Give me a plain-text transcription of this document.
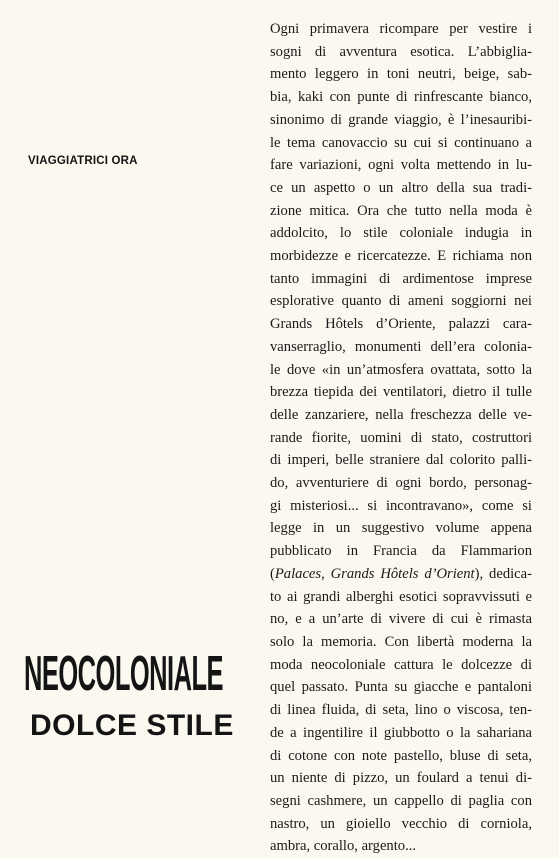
VIAGGIATRICI ORA

Ogni primavera ricompare per vestire i
sogni di avventura esotica. L’abbiglia-
mento leggero in toni neutri, beige, sab-
bia, kaki con punte di rinfrescante bianco,
sinonimo di grande viaggio, è l’inesauribi-
le tema canovaccio su cui si continuano a
fare variazioni, ogni volta mettendo in lu-
ce un aspetto o un altro della sua tradi-
zione mitica. Ora che tutto nella moda è
addolcito, lo stile coloniale indugia in
morbidezze e ricercatezze. E richiama non
tanto immagini di ardimentose imprese
esplorative quanto di ameni soggiorni nei
Grands Hôtels d’Oriente, palazzi cara-
vanserraglio, monumenti dell’era colonia-
le dove «in un’atmosfera ovattata, sotto la
brezza tiepida dei ventilatori, dietro il tulle
delle zanzariere, nella freschezza delle ve-
rande fiorite, uomini di stato, costruttori
di imperi, belle straniere dal colorito palli-
do, avventuriere di ogni bordo, personag-
gi misteriosi... si incontravano», come si
legge in un suggestivo volume appena
pubblicato in Francia da Flammarion
(Palaces, Grands Hôtels d’Orient), dedica-
to ai grandi alberghi esotici sopravvissuti e
no, e a un’arte di vivere di cui è rimasta
solo la memoria. Con libertà moderna la
moda neocoloniale cattura le dolcezze di
quel passato. Punta su giacche e pantaloni
di linea fluida, di seta, lino o viscosa, ten-
de a ingentilire il giubbotto o la sahariana
di cotone con note pastello, bluse di seta,
un niente di pizzo, un foulard a tenui di-
segni cashmere, un cappello di paglia con
nastro, un gioiello vecchio di corniola,
ambra, corallo, argento...
NEOCOLONIALE
DOLCE STILE
